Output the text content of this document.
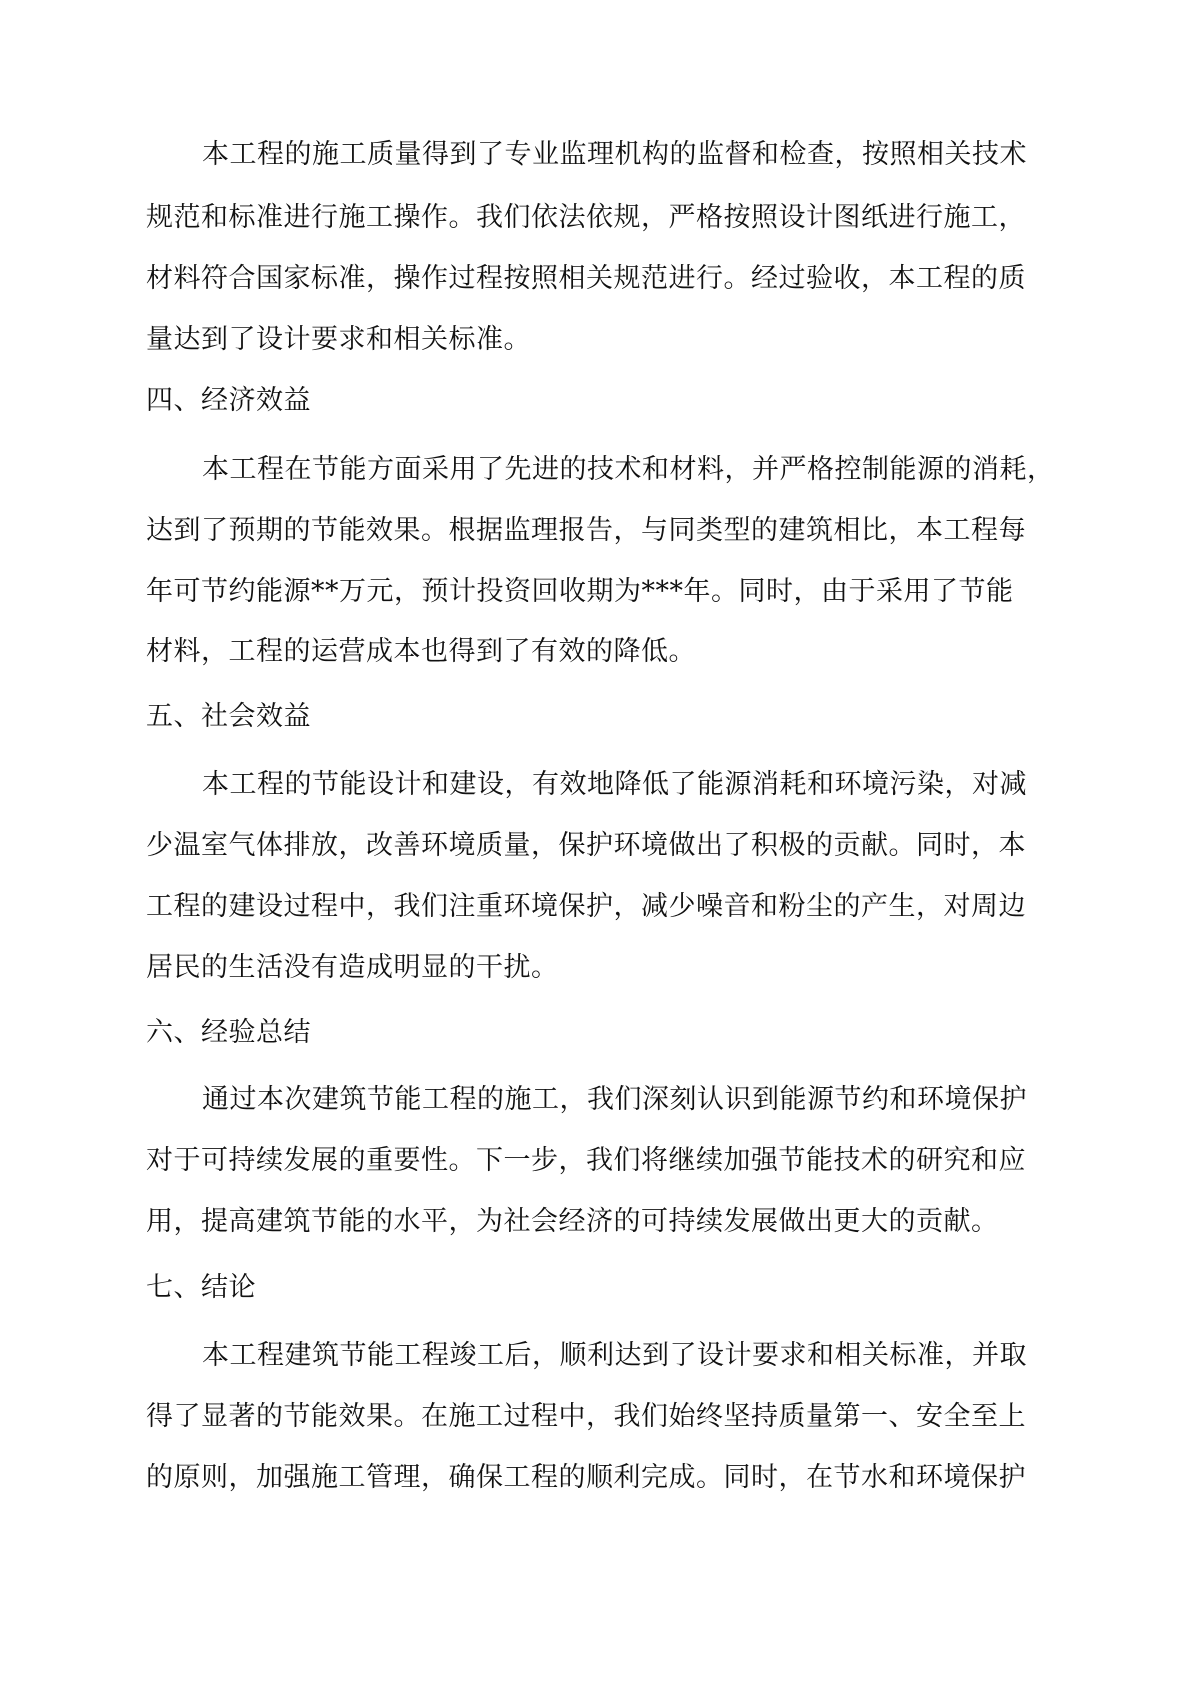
本工程的施工质量得到了专业监理机构的监督和检查，按照相关技术
规范和标准进行施工操作。我们依法依规，严格按照设计图纸进行施工，
材料符合国家标准，操作过程按照相关规范进行。经过验收，本工程的质
量达到了设计要求和相关标准。
四、经济效益
本工程在节能方面采用了先进的技术和材料，并严格控制能源的消耗，
达到了预期的节能效果。根据监理报告，与同类型的建筑相比，本工程每
年可节约能源**万元，预计投资回收期为***年。同时，由于采用了节能
材料，工程的运营成本也得到了有效的降低。
五、社会效益
本工程的节能设计和建设，有效地降低了能源消耗和环境污染，对减
少温室气体排放，改善环境质量，保护环境做出了积极的贡献。同时，本
工程的建设过程中，我们注重环境保护，减少噪音和粉尘的产生，对周边
居民的生活没有造成明显的干扰。
六、经验总结
通过本次建筑节能工程的施工，我们深刻认识到能源节约和环境保护
对于可持续发展的重要性。下一步，我们将继续加强节能技术的研究和应
用，提高建筑节能的水平，为社会经济的可持续发展做出更大的贡献。
七、结论
本工程建筑节能工程竣工后，顺利达到了设计要求和相关标准，并取
得了显著的节能效果。在施工过程中，我们始终坚持质量第一、安全至上
的原则，加强施工管理，确保工程的顺利完成。同时，在节水和环境保护
